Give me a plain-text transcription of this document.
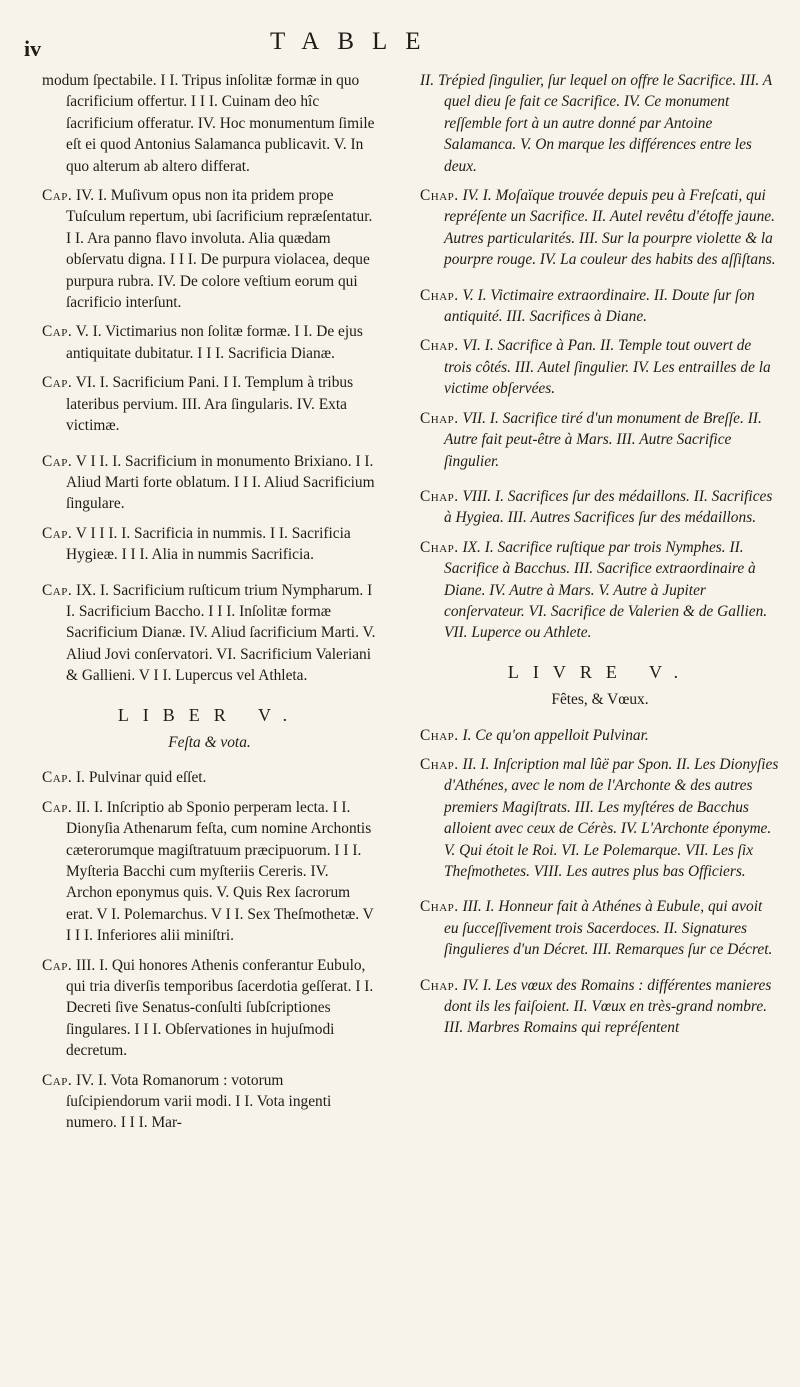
iv	TABLE

modum ſpectabile. I I. Tripus inſolitæ formæ in quo ſacrificium offertur. I I I. Cuinam deo hîc ſacrificium offeratur. IV. Hoc monumentum ſimile eſt ei quod Antonius Salamanca publicavit. V. In quo alterum ab altero differat.

Cap. IV. I. Muſivum opus non ita pridem prope Tuſculum repertum, ubi ſacrificium repræſentatur. I I. Ara panno flavo involuta. Alia quædam obſervatu digna. I I I. De purpura violacea, deque purpura rubra. IV. De colore veſtium eorum qui ſacrificio interſunt.

Cap. V. I. Victimarius non ſolitæ formæ. I I. De ejus antiquitate dubitatur. I I I. Sacrificia Dianæ.

Cap. VI. I. Sacrificium Pani. I I. Templum à tribus lateribus pervium. III. Ara ſingularis. IV. Exta victimæ.

Cap. V I I. I. Sacrificium in monumento Brixiano. I I. Aliud Marti forte oblatum. I I I. Aliud Sacrificium ſingulare.

Cap. V I I I. I. Sacrificia in nummis. I I. Sacrificia Hygieæ. I I I. Alia in nummis Sacrificia.

Cap. IX. I. Sacrificium ruſticum trium Nympharum. I I. Sacrificium Baccho. I I I. Inſolitæ formæ Sacrificium Dianæ. IV. Aliud ſacrificium Marti. V. Aliud Jovi conſervatori. VI. Sacrificium Valeriani & Gallieni. V I I. Lupercus vel Athleta.

LIBER V.
Feſta & vota.

Cap. I. Pulvinar quid eſſet.

Cap. II. I. Inſcriptio ab Sponio perperam lecta. I I. Dionyſia Athenarum feſta, cum nomine Archontis cæterorumque magiſtratuum præcipuorum. I I I. Myſteria Bacchi cum myſteriis Cereris. IV. Archon eponymus quis. V. Quis Rex ſacrorum erat. V I. Polemarchus. V I I. Sex Theſmothetæ. V I I I. Inferiores alii miniſtri.

Cap. III. I. Qui honores Athenis conferantur Eubulo, qui tria diverſis temporibus ſacerdotia geſſerat. I I. Decreti ſive Senatus-conſulti ſubſcriptiones ſingulares. I I I. Obſervationes in hujuſmodi decretum.

Cap. IV. I. Vota Romanorum : votorum ſuſcipiendorum varii modi. I I. Vota ingenti numero. I I I. Mar-

II. Trépied ſingulier, ſur lequel on offre le Sacrifice. III. A quel dieu ſe fait ce Sacrifice. IV. Ce monument reſſemble fort à un autre donné par Antoine Salamanca. V. On marque les différences entre les deux.

Chap. IV. I. Moſaïque trouvée depuis peu à Freſcati, qui repréſente un Sacrifice. II. Autel revêtu d'étoffe jaune. Autres particularités. III. Sur la pourpre violette & la pourpre rouge. IV. La couleur des habits des aſſiſtans.

Chap. V. I. Victimaire extraordinaire. II. Doute ſur ſon antiquité. III. Sacrifices à Diane.

Chap. VI. I. Sacrifice à Pan. II. Temple tout ouvert de trois côtés. III. Autel ſingulier. IV. Les entrailles de la victime obſervées.

Chap. VII. I. Sacrifice tiré d'un monument de Breſſe. II. Autre fait peut-être à Mars. III. Autre Sacrifice ſingulier.

Chap. VIII. I. Sacrifices ſur des médaillons. II. Sacrifices à Hygiea. III. Autres Sacrifices ſur des médaillons.

Chap. IX. I. Sacrifice ruſtique par trois Nymphes. II. Sacrifice à Bacchus. III. Sacrifice extraordinaire à Diane. IV. Autre à Mars. V. Autre à Jupiter conſervateur. VI. Sacrifice de Valerien & de Gallien. VII. Luperce ou Athlete.

LIVRE V.
Fêtes, & Vœux.

Chap. I. Ce qu'on appelloit Pulvinar.

Chap. II. I. Inſcription mal lûë par Spon. II. Les Dionyſies d'Athénes, avec le nom de l'Archonte & des autres premiers Magiſtrats. III. Les myſtéres de Bacchus alloient avec ceux de Cérès. IV. L'Archonte éponyme. V. Qui étoit le Roi. VI. Le Polemarque. VII. Les ſix Theſmothetes. VIII. Les autres plus bas Officiers.

Chap. III. I. Honneur fait à Athénes à Eubule, qui avoit eu ſucceſſivement trois Sacerdoces. II. Signatures ſingulieres d'un Décret. III. Remarques ſur ce Décret.

Chap. IV. I. Les vœux des Romains : différentes manieres dont ils les faiſoient. II. Vœux en très-grand nombre. III. Marbres Romains qui repréſentent
